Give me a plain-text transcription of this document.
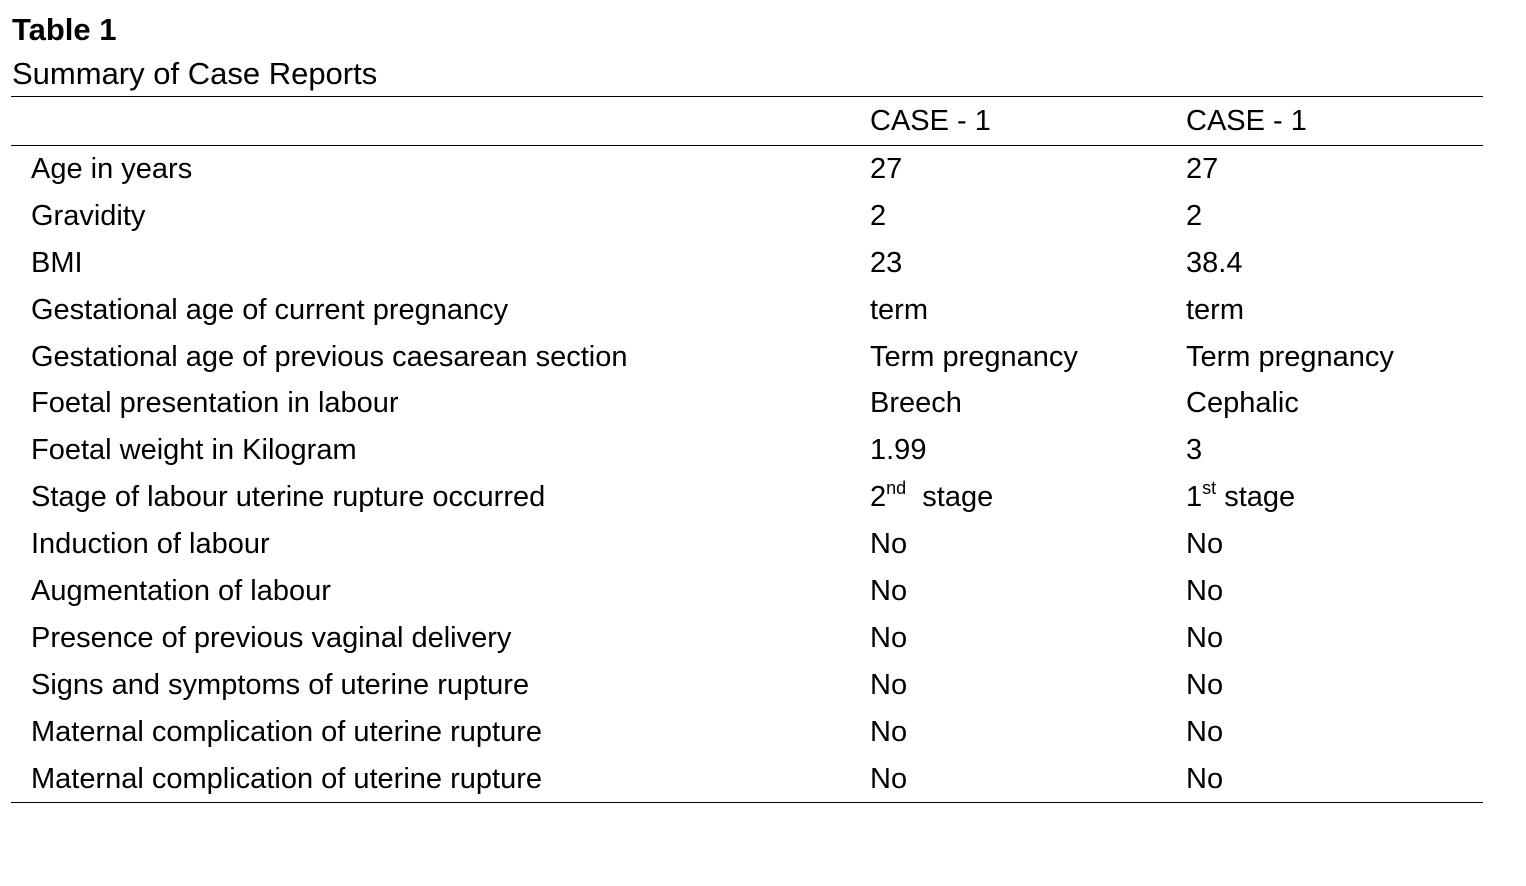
Table 1
Summary of Case Reports
	CASE - 1	CASE - 1
Age in years	27	27
Gravidity	2	2
BMI	23	38.4
Gestational age of current pregnancy	term	term
Gestational age of previous caesarean section	Term pregnancy	Term pregnancy
Foetal presentation in labour	Breech	Cephalic
Foetal weight in Kilogram	1.99	3
Stage of labour uterine rupture occurred	2nd  stage	1st stage
Induction of labour	No	No
Augmentation of labour	No	No
Presence of previous vaginal delivery	No	No
Signs and symptoms of uterine rupture	No	No
Maternal complication of uterine rupture	No	No
Maternal complication of uterine rupture	No	No
